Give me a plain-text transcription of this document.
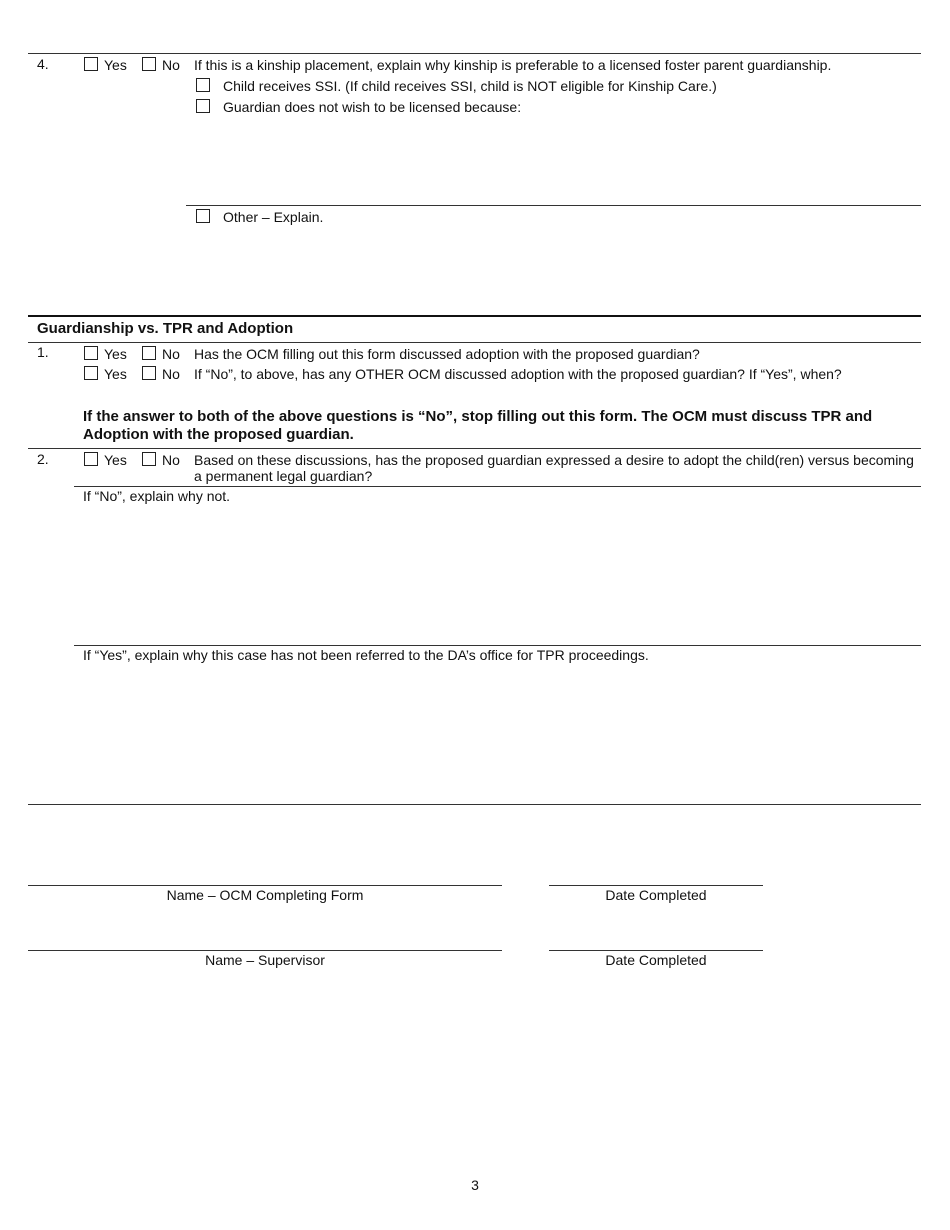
4.	Yes	No If this is a kinship placement, explain why kinship is preferable to a licensed foster parent guardianship.
Child receives SSI. (If child receives SSI, child is NOT eligible for Kinship Care.)
Guardian does not wish to be licensed because:
Other – Explain.
Guardianship vs. TPR and Adoption
1.	Yes	No Has the OCM filling out this form discussed adoption with the proposed guardian?
Yes	No If “No”, to above, has any OTHER OCM discussed adoption with the proposed guardian? If “Yes”, when?
If the answer to both of the above questions is “No”, stop filling out this form. The OCM must discuss TPR and Adoption with the proposed guardian.
2.	Yes	No Based on these discussions, has the proposed guardian expressed a desire to adopt the child(ren) versus becoming a permanent legal guardian?
If “No”, explain why not.
If “Yes”, explain why this case has not been referred to the DA’s office for TPR proceedings.
Name – OCM Completing Form	Date Completed
Name – Supervisor	Date Completed
3
